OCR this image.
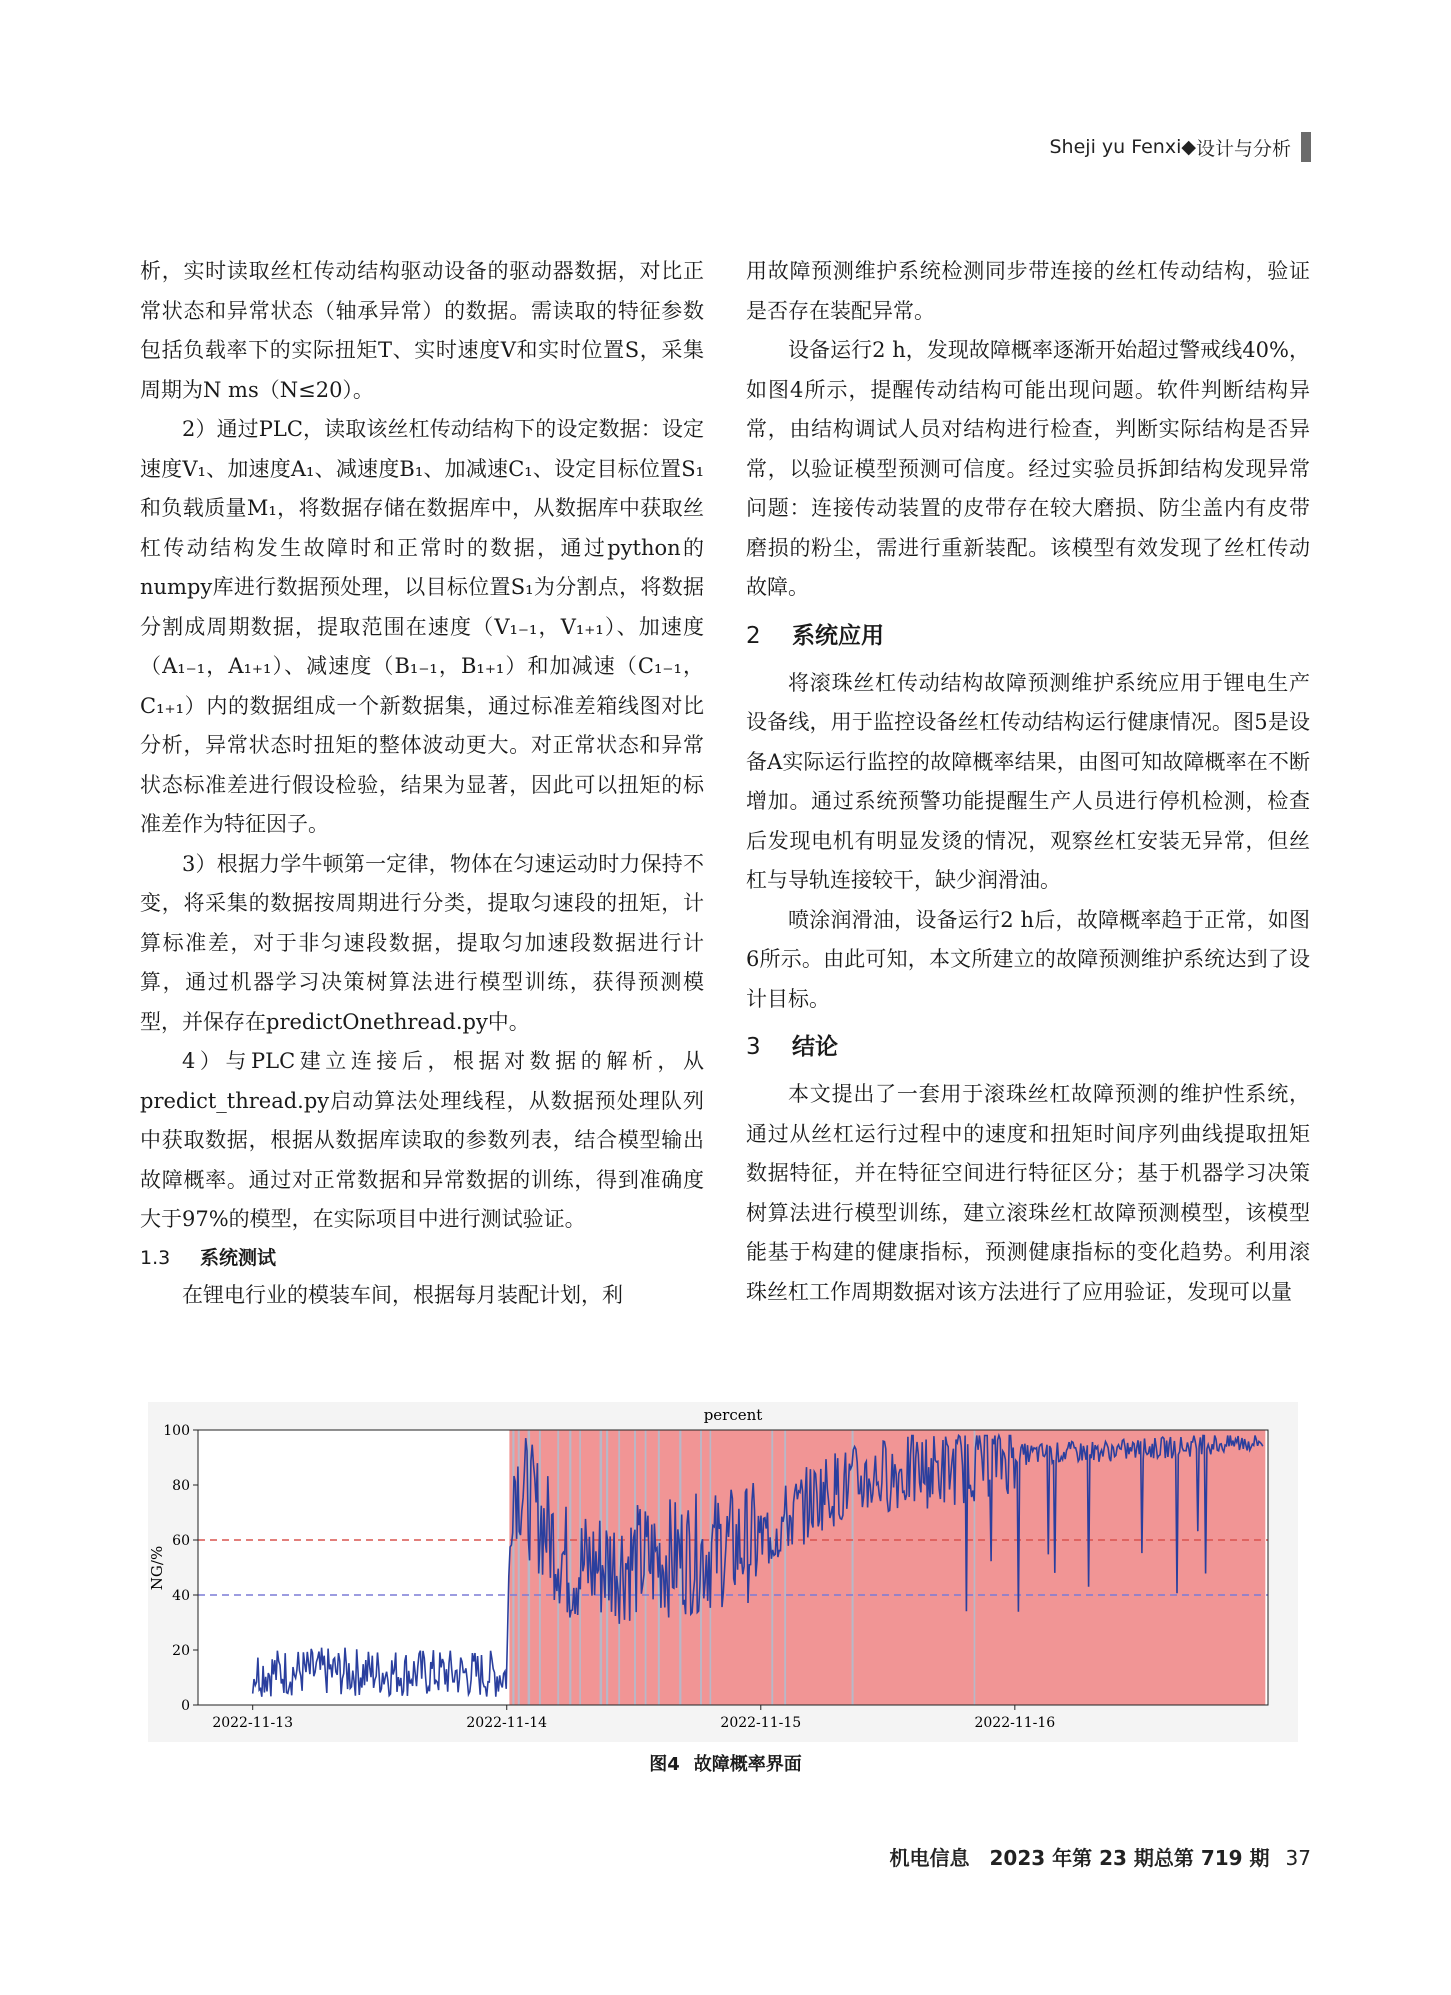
Sheji yu Fenxi ◆ 设计与分析

析，实时读取丝杠传动结构驱动设备的驱动器数据，对比正常状态和异常状态（轴承异常）的数据。需读取的特征参数包括负载率下的实际扭矩T、实时速度V和实时位置S，采集周期为N ms（N≤20）。

2）通过PLC，读取该丝杠传动结构下的设定数据：设定速度V₁、加速度A₁、减速度B₁、加减速C₁、设定目标位置S₁和负载质量M₁，将数据存储在数据库中，从数据库中获取丝杠传动结构发生故障时和正常时的数据，通过python的numpy库进行数据预处理，以目标位置S₁为分割点，将数据分割成周期数据，提取范围在速度（V₁₋₁，V₁₊₁）、加速度（A₁₋₁，A₁₊₁）、减速度（B₁₋₁，B₁₊₁）和加减速（C₁₋₁，C₁₊₁）内的数据组成一个新数据集，通过标准差箱线图对比分析，异常状态时扭矩的整体波动更大。对正常状态和异常状态标准差进行假设检验，结果为显著，因此可以扭矩的标准差作为特征因子。

3）根据力学牛顿第一定律，物体在匀速运动时力保持不变，将采集的数据按周期进行分类，提取匀速段的扭矩，计算标准差，对于非匀速段数据，提取匀加速段数据进行计算，通过机器学习决策树算法进行模型训练，获得预测模型，并保存在predictOnethread.py中。

4）与PLC建立连接后，根据对数据的解析，从predict_thread.py启动算法处理线程，从数据预处理队列中获取数据，根据从数据库读取的参数列表，结合模型输出故障概率。通过对正常数据和异常数据的训练，得到准确度大于97%的模型，在实际项目中进行测试验证。

1.3 系统测试

在锂电行业的模装车间，根据每月装配计划，利

用故障预测维护系统检测同步带连接的丝杠传动结构，验证是否存在装配异常。

设备运行2 h，发现故障概率逐渐开始超过警戒线40%，如图4所示，提醒传动结构可能出现问题。软件判断结构异常，由结构调试人员对结构进行检查，判断实际结构是否异常，以验证模型预测可信度。经过实验员拆卸结构发现异常问题：连接传动装置的皮带存在较大磨损、防尘盖内有皮带磨损的粉尘，需进行重新装配。该模型有效发现了丝杠传动故障。

2 系统应用

将滚珠丝杠传动结构故障预测维护系统应用于锂电生产设备线，用于监控设备丝杠传动结构运行健康情况。图5是设备A实际运行监控的故障概率结果，由图可知故障概率在不断增加。通过系统预警功能提醒生产人员进行停机检测，检查后发现电机有明显发烫的情况，观察丝杠安装无异常，但丝杠与导轨连接较干，缺少润滑油。

喷涂润滑油，设备运行2 h后，故障概率趋于正常，如图6所示。由此可知，本文所建立的故障预测维护系统达到了设计目标。

3 结论

本文提出了一套用于滚珠丝杠故障预测的维护性系统，通过从丝杠运行过程中的速度和扭矩时间序列曲线提取扭矩数据特征，并在特征空间进行特征区分；基于机器学习决策树算法进行模型训练，建立滚珠丝杠故障预测模型，该模型能基于构建的健康指标，预测健康指标的变化趋势。利用滚珠丝杠工作周期数据对该方法进行了应用验证，发现可以量

0
20
40
60
80
100
2022-11-13	2022-11-14	2022-11-15	2022-11-16
percent
NG/%
图4 故障概率界面
机电信息　2023 年第 23 期总第 719 期 37
